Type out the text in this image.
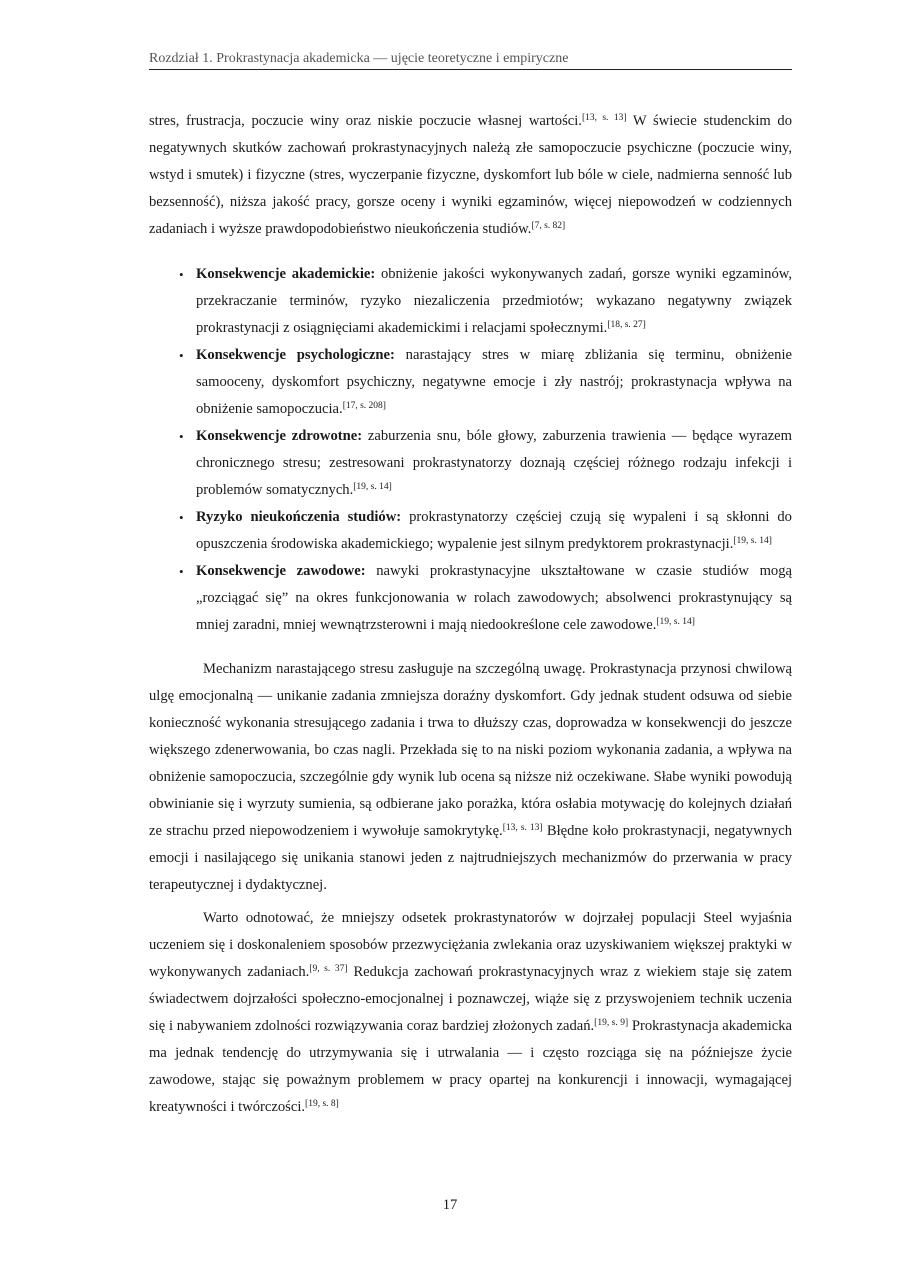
Rozdział 1. Prokrastynacja akademicka — ujęcie teoretyczne i empiryczne

stres, frustracja, poczucie winy oraz niskie poczucie własnej wartości.[13, s. 13] W świecie studenckim do negatywnych skutków zachowań prokrastynacyjnych należą złe samopoczucie psychiczne (poczucie winy, wstyd i smutek) i fizyczne (stres, wyczerpanie fizyczne, dyskomfort lub bóle w ciele, nadmierna senność lub bezsenność), niższa jakość pracy, gorsze oceny i wyniki egzaminów, więcej niepowodzeń w codziennych zadaniach i wyższe prawdopodobieństwo nieukończenia studiów.[7, s. 82]

• Konsekwencje akademickie: obniżenie jakości wykonywanych zadań, gorsze wyniki egzaminów, przekraczanie terminów, ryzyko niezaliczenia przedmiotów; wykazano negatywny związek prokrastynacji z osiągnięciami akademickimi i relacjami społecznymi.[18, s. 27]
• Konsekwencje psychologiczne: narastający stres w miarę zbliżania się terminu, obniżenie samooceny, dyskomfort psychiczny, negatywne emocje i zły nastrój; prokrastynacja wpływa na obniżenie samopoczucia.[17, s. 208]
• Konsekwencje zdrowotne: zaburzenia snu, bóle głowy, zaburzenia trawienia — będące wyrazem chronicznego stresu; zestresowani prokrastynatorzy doznają częściej różnego rodzaju infekcji i problemów somatycznych.[19, s. 14]
• Ryzyko nieukończenia studiów: prokrastynatorzy częściej czują się wypaleni i są skłonni do opuszczenia środowiska akademickiego; wypalenie jest silnym predyktorem prokrastynacji.[19, s. 14]
• Konsekwencje zawodowe: nawyki prokrastynacyjne ukształtowane w czasie studiów mogą „rozciągać się” na okres funkcjonowania w rolach zawodowych; absolwenci prokrastynujący są mniej zaradni, mniej wewnątrzsterowni i mają niedookreślone cele zawodowe.[19, s. 14]

Mechanizm narastającego stresu zasługuje na szczególną uwagę. Prokrastynacja przynosi chwilową ulgę emocjonalną — unikanie zadania zmniejsza doraźny dyskomfort. Gdy jednak student odsuwa od siebie konieczność wykonania stresującego zadania i trwa to dłuższy czas, doprowadza w konsekwencji do jeszcze większego zdenerwowania, bo czas nagli. Przekłada się to na niski poziom wykonania zadania, a wpływa na obniżenie samopoczucia, szczególnie gdy wynik lub ocena są niższe niż oczekiwane. Słabe wyniki powodują obwinianie się i wyrzuty sumienia, są odbierane jako porażka, która osłabia motywację do kolejnych działań ze strachu przed niepowodzeniem i wywołuje samokrytykę.[13, s. 13] Błędne koło prokrastynacji, negatywnych emocji i nasilającego się unikania stanowi jeden z najtrudniejszych mechanizmów do przerwania w pracy terapeutycznej i dydaktycznej.

Warto odnotować, że mniejszy odsetek prokrastynatorów w dojrzałej populacji Steel wyjaśnia uczeniem się i doskonaleniem sposobów przezwyciężania zwlekania oraz uzyskiwaniem większej praktyki w wykonywanych zadaniach.[9, s. 37] Redukcja zachowań prokrastynacyjnych wraz z wiekiem staje się zatem świadectwem dojrzałości społeczno-emocjonalnej i poznawczej, wiąże się z przyswojeniem technik uczenia się i nabywaniem zdolności rozwiązywania coraz bardziej złożonych zadań.[19, s. 9] Prokrastynacja akademicka ma jednak tendencję do utrzymywania się i utrwalania — i często rozciąga się na późniejsze życie zawodowe, stając się poważnym problemem w pracy opartej na konkurencji i innowacji, wymagającej kreatywności i twórczości.[19, s. 8]

17
